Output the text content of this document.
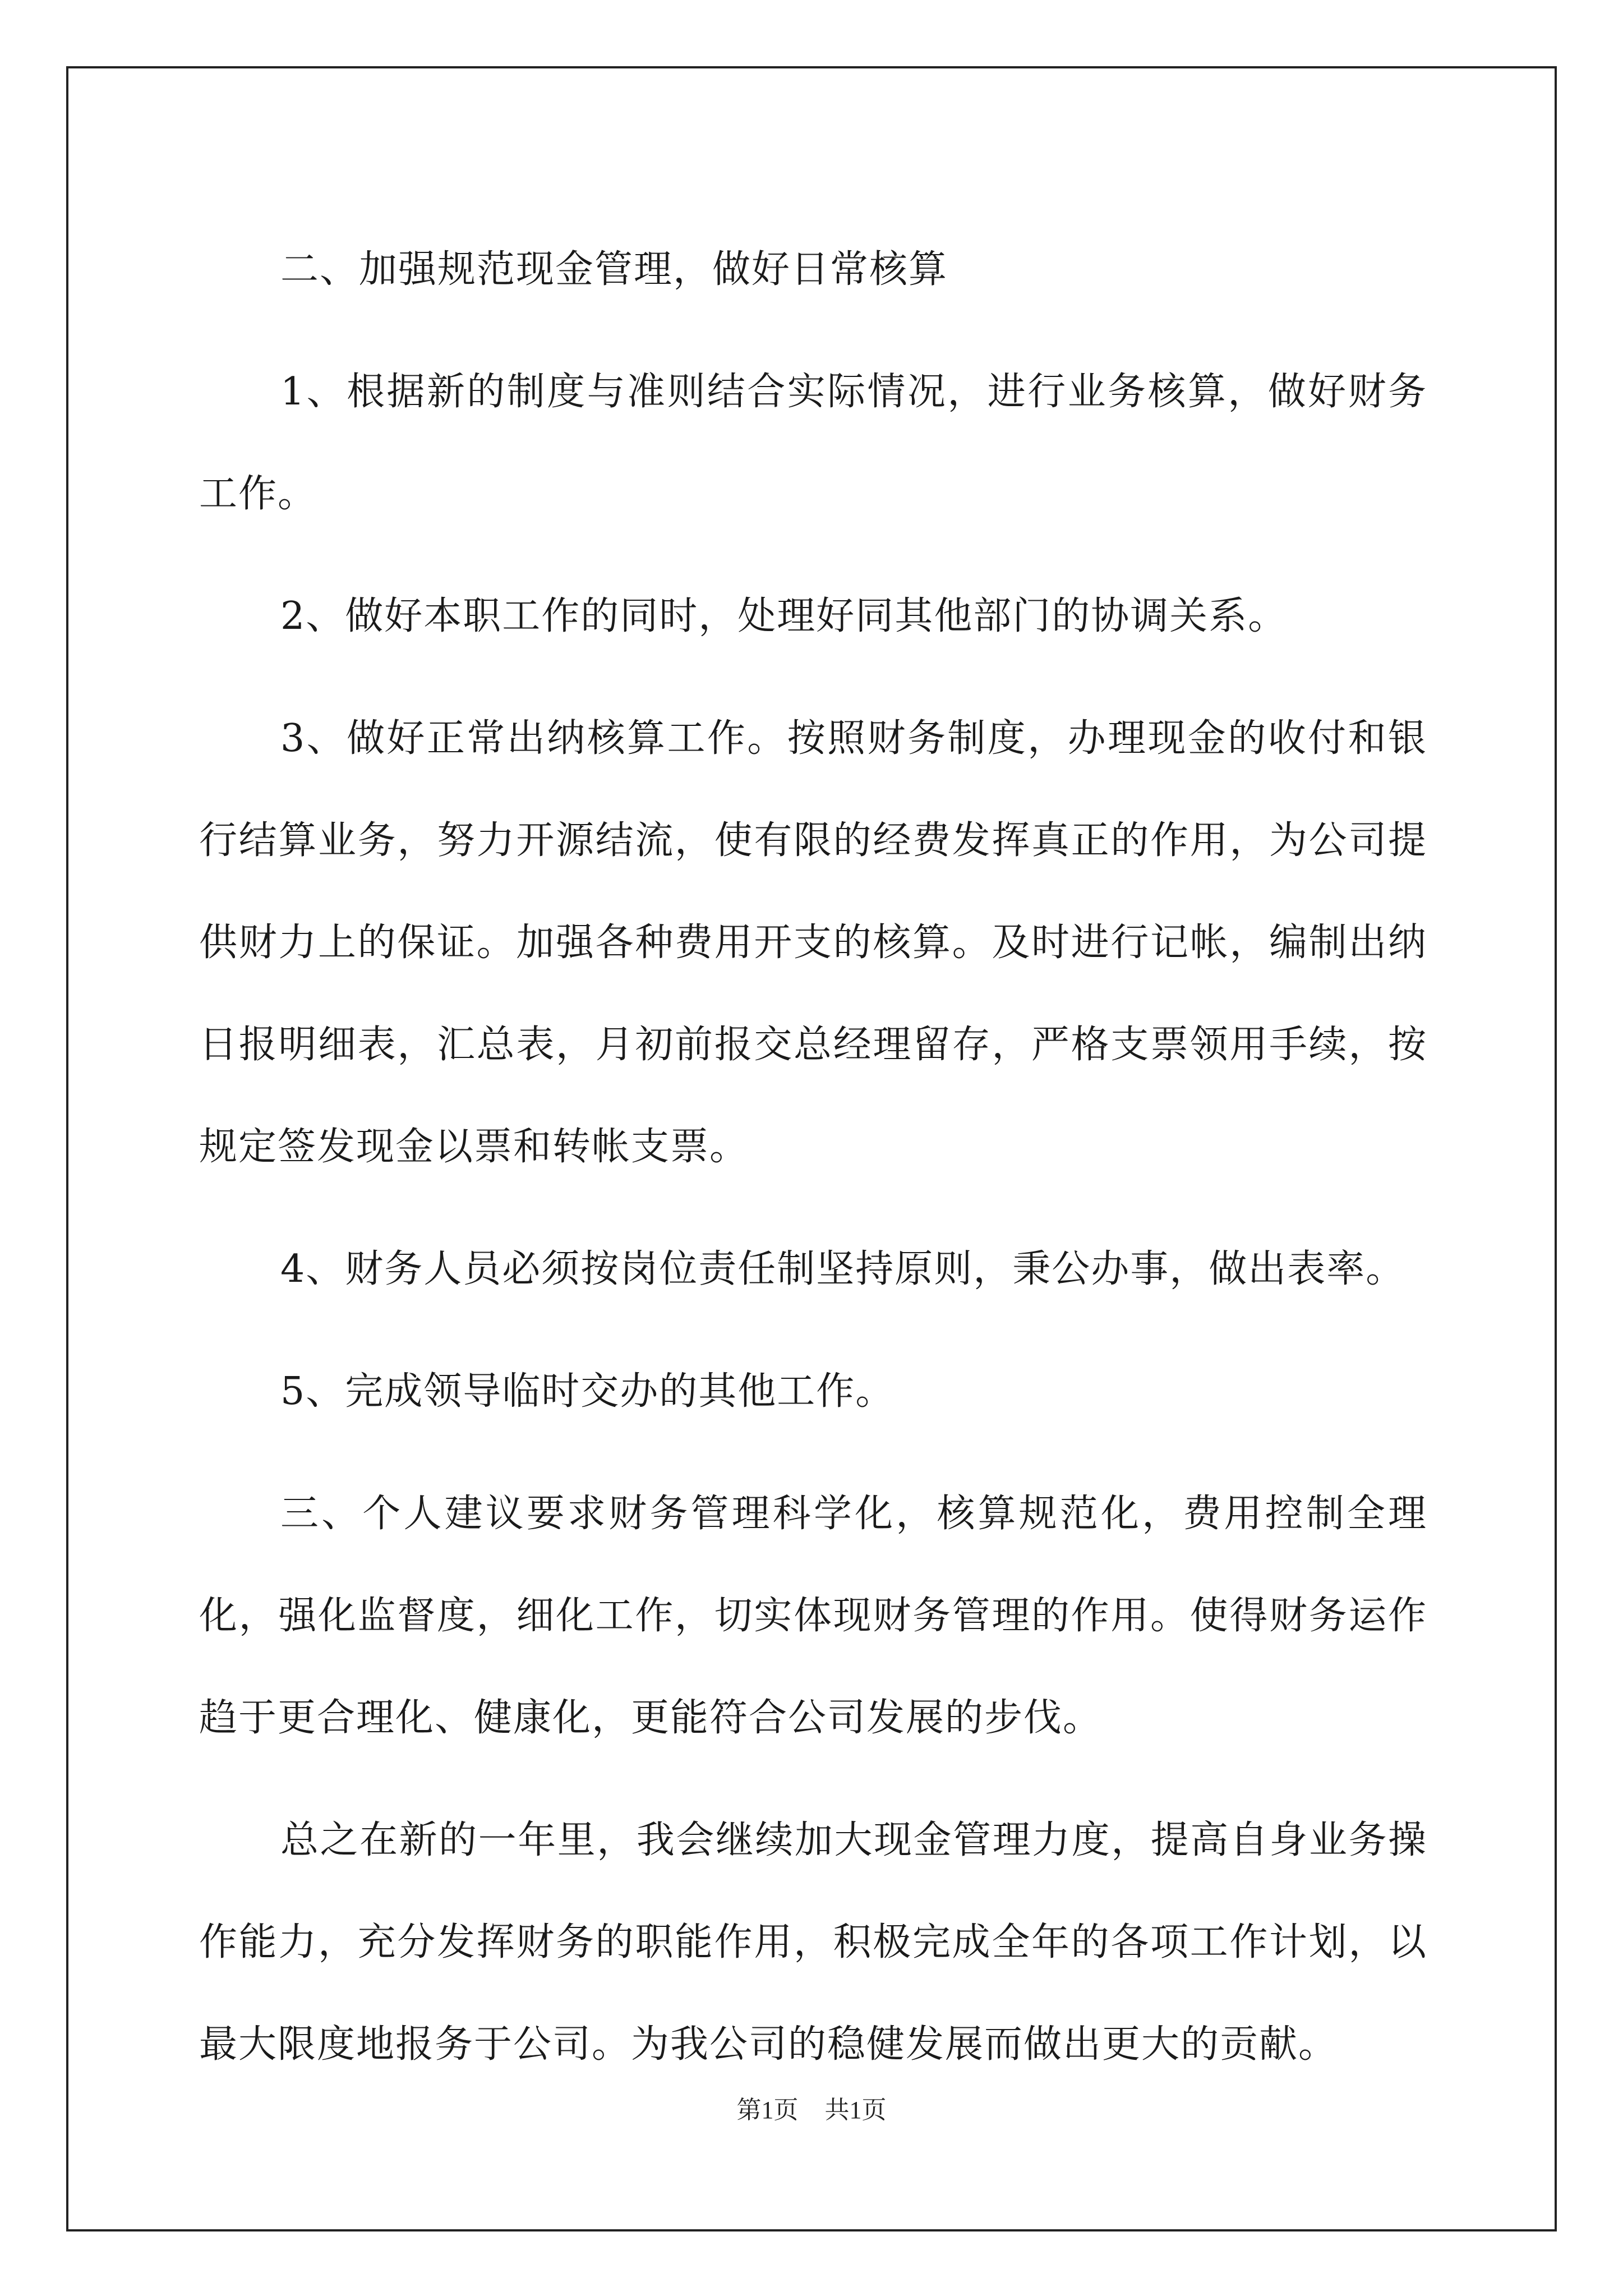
二、加强规范现金管理，做好日常核算

1、根据新的制度与准则结合实际情况，进行业务核算，做好财务工作。

2、做好本职工作的同时，处理好同其他部门的协调关系。

3、做好正常出纳核算工作。按照财务制度，办理现金的收付和银行结算业务，努力开源结流，使有限的经费发挥真正的作用，为公司提供财力上的保证。加强各种费用开支的核算。及时进行记帐，编制出纳日报明细表，汇总表，月初前报交总经理留存，严格支票领用手续，按规定签发现金以票和转帐支票。

4、财务人员必须按岗位责任制坚持原则，秉公办事，做出表率。

5、完成领导临时交办的其他工作。

三、个人建议要求财务管理科学化，核算规范化，费用控制全理化，强化监督度，细化工作，切实体现财务管理的作用。使得财务运作趋于更合理化、健康化，更能符合公司发展的步伐。

总之在新的一年里，我会继续加大现金管理力度，提高自身业务操作能力，充分发挥财务的职能作用，积极完成全年的各项工作计划，以最大限度地报务于公司。为我公司的稳健发展而做出更大的贡献。

第1页 共1页
